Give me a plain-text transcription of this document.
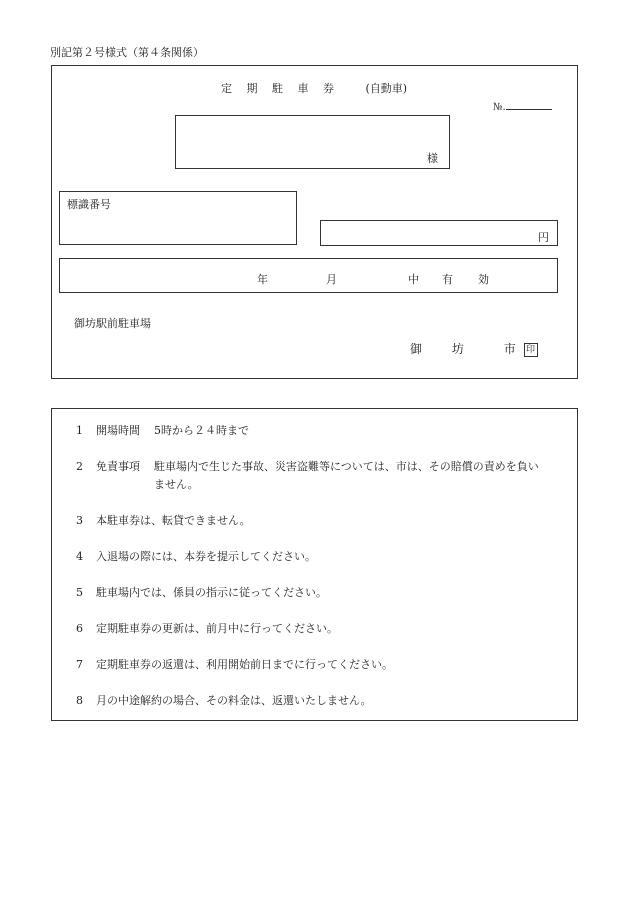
別記第２号様式（第４条関係）
定 期 駐 車 券	(自動車)
№.
様
標識番号
円
年	月	中 有 効
御坊駅前駐車場
御 坊	市 印
1 開場時間 5時から２４時まで
2 免責事項 駐車場内で生じた事故、災害盗難等については、市は、その賠償の責めを負い
ません。
3 本駐車券は、転貸できません。
4 入退場の際には、本券を提示してください。
5 駐車場内では、係員の指示に従ってください。
6 定期駐車券の更新は、前月中に行ってください。
7 定期駐車券の返還は、利用開始前日までに行ってください。
8 月の中途解約の場合、その料金は、返還いたしません。
